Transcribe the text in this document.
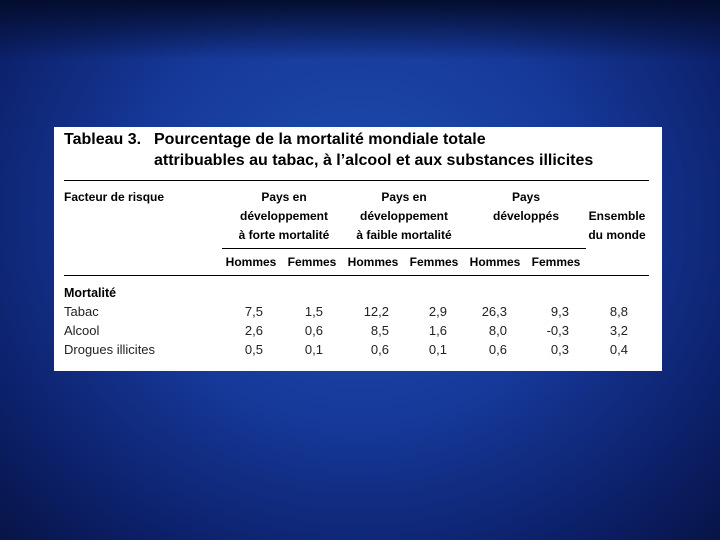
Tableau 3. Pourcentage de la mortalité mondiale totale
attribuables au tabac, à l’alcool et aux substances illicites
Facteur de risque	Pays en
développement
à forte mortalité
Pays en
développement
à faible mortalité
Pays
développés	Ensemble
du monde
Hommes Femmes Hommes Femmes Hommes Femmes
Mortalité
Tabac	7,5	1,5	12,2	2,9	26,3	9,3	8,8
Alcool	2,6	0,6	8,5	1,6	8,0	-0,3	3,2
Drogues illicites	0,5	0,1	0,6	0,1	0,6	0,3	0,4
